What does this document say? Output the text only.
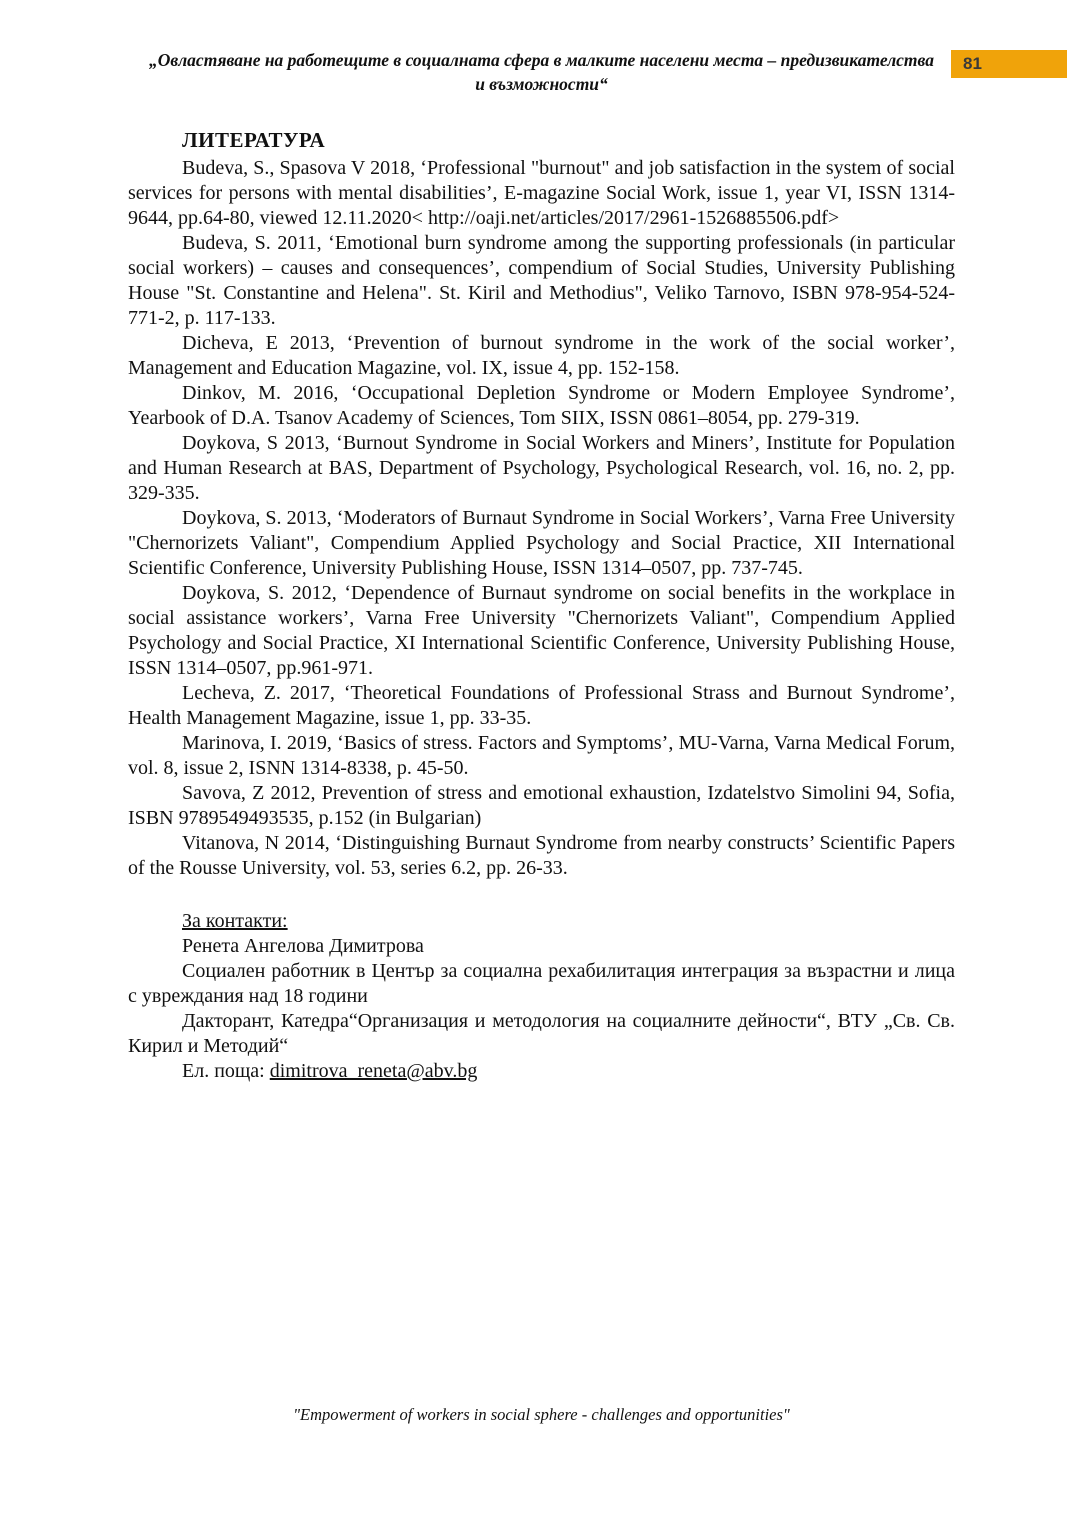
„Овластяване на работещите в социалната сфера в малките населени места – предизвикателства
и възможности“
81
ЛИТЕРАТУРА

Budeva, S., Spasova V 2018, ‘Professional "burnout" and job satisfaction in the system of social services for persons with mental disabilities’, E-magazine Social Work, issue 1, year VI, ISSN 1314-9644, pp.64-80, viewed 12.11.2020< http://oaji.net/articles/2017/2961-1526885506.pdf>

Budeva, S. 2011, ‘Emotional burn syndrome among the supporting professionals (in particular social workers) – causes and consequences’, compendium of Social Studies, University Publishing House "St. Constantine and Helena". St. Kiril and Methodius", Veliko Tarnovo, ISBN 978-954-524-771-2, p. 117-133.

Dicheva, E 2013, ‘Prevention of burnout syndrome in the work of the social worker’, Management and Education Magazine, vol. IX, issue 4, pp. 152-158.

Dinkov, M. 2016, ‘Occupational Depletion Syndrome or Modern Employee Syndrome’, Yearbook of D.A. Tsanov Academy of Sciences, Tom SIIX, ISSN 0861–8054, pp. 279-319.

Doykova, S 2013, ‘Burnout Syndrome in Social Workers and Miners’, Institute for Population and Human Research at BAS, Department of Psychology, Psychological Research, vol. 16, no. 2, pp. 329-335.

Doykova, S. 2013, ‘Moderators of Burnaut Syndrome in Social Workers’, Varna Free University "Chernorizets Valiant", Compendium Applied Psychology and Social Practice, XII International Scientific Conference, University Publishing House, ISSN 1314–0507, pp. 737-745.

Doykova, S. 2012, ‘Dependence of Burnaut syndrome on social benefits in the workplace in social assistance workers’, Varna Free University "Chernorizets Valiant", Compendium Applied Psychology and Social Practice, XI International Scientific Conference, University Publishing House, ISSN 1314–0507, pp.961-971.

Lecheva, Z. 2017, ‘Theoretical Foundations of Professional Strass and Burnout Syndrome’, Health Management Magazine, issue 1, pp. 33-35.

Marinova, I. 2019, ‘Basics of stress. Factors and Symptoms’, MU-Varna, Varna Medical Forum, vol. 8, issue 2, ISNN 1314-8338, p. 45-50.

Savova, Z 2012, Prevention of stress and emotional exhaustion, Izdatelstvo Simolini 94, Sofia, ISBN 9789549493535, p.152 (in Bulgarian)

Vitanova, N 2014, ‘Distinguishing Burnaut Syndrome from nearby constructs’ Scientific Papers of the Rousse University, vol. 53, series 6.2, pp. 26-33.

За контакти:

Ренета Ангелова Димитрова

Социален работник в Център за социална рехабилитация интеграция за възрастни и лица с увреждания над 18 години

Дакторант, Катедра“Организация и методология на социалните дейности“, ВТУ „Св. Св. Кирил и Методий“

Ел. поща: dimitrova_reneta@abv.bg

"Empowerment of workers in social sphere - challenges and opportunities"
